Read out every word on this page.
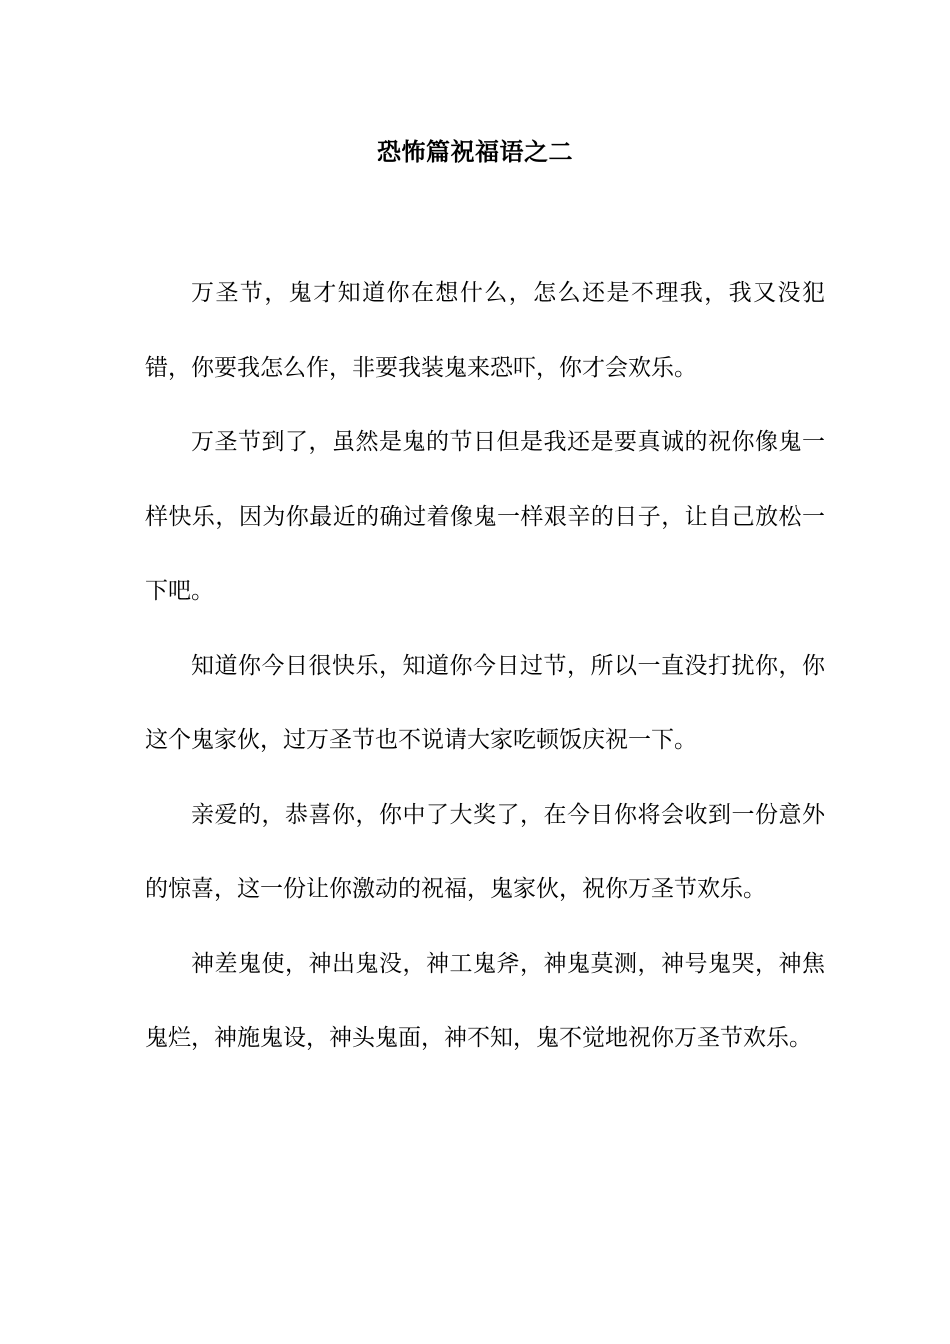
恐怖篇祝福语之二

万圣节，鬼才知道你在想什么，怎么还是不理我，我又没犯错，你要我怎么作，非要我装鬼来恐吓，你才会欢乐。

万圣节到了，虽然是鬼的节日但是我还是要真诚的祝你像鬼一样快乐，因为你最近的确过着像鬼一样艰辛的日子，让自己放松一下吧。

知道你今日很快乐，知道你今日过节，所以一直没打扰你，你这个鬼家伙，过万圣节也不说请大家吃顿饭庆祝一下。

亲爱的，恭喜你，你中了大奖了，在今日你将会收到一份意外的惊喜，这一份让你激动的祝福，鬼家伙，祝你万圣节欢乐。

神差鬼使，神出鬼没，神工鬼斧，神鬼莫测，神号鬼哭，神焦鬼烂，神施鬼设，神头鬼面，神不知，鬼不觉地祝你万圣节欢乐。
